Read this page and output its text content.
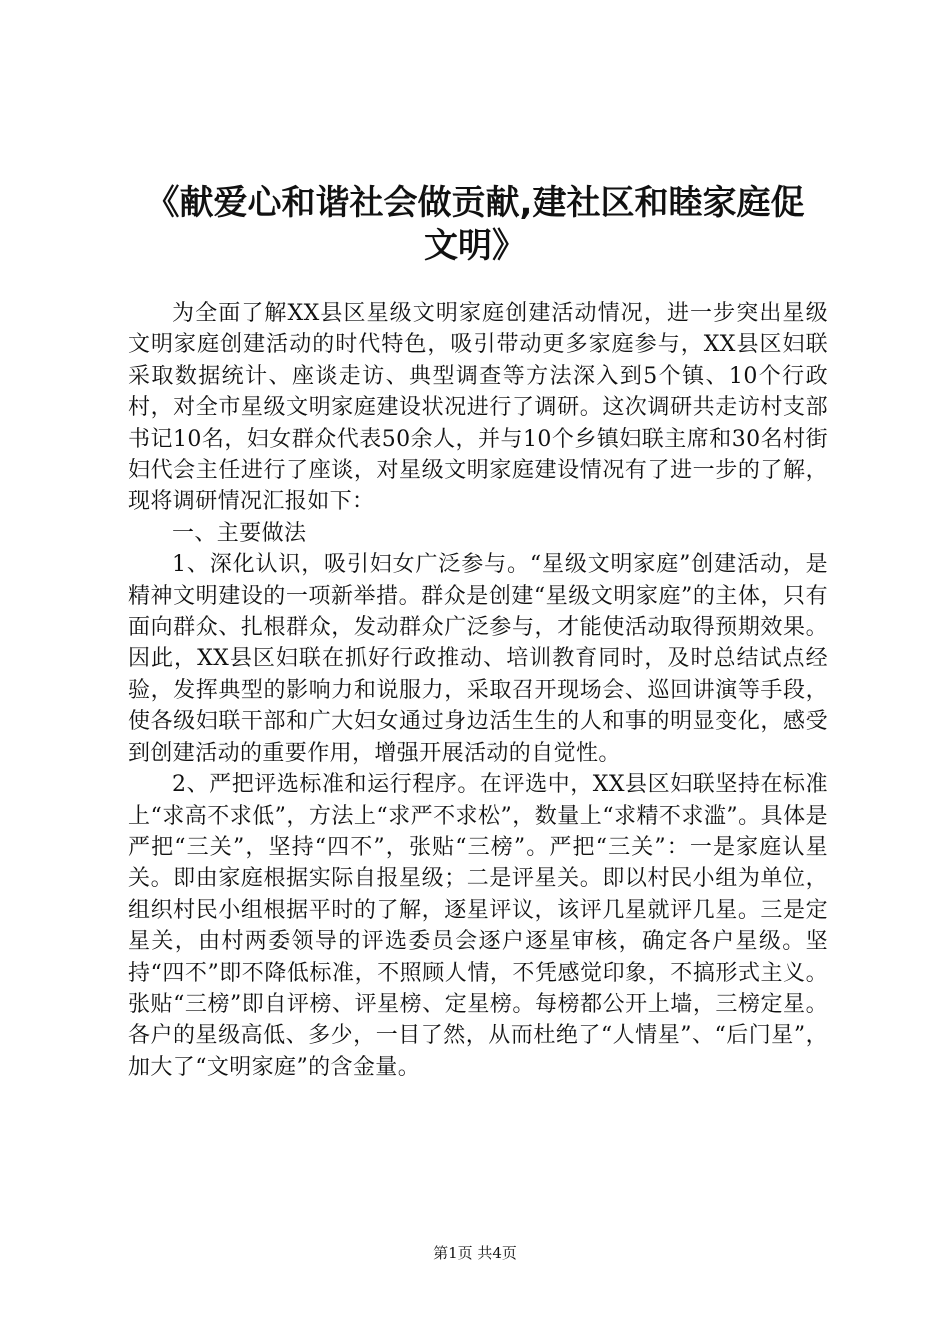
《献爱心和谐社会做贡献,建社区和睦家庭促
文明》

为全面了解XX县区星级文明家庭创建活动情况，进一步突出星级文明家庭创建活动的时代特色，吸引带动更多家庭参与，XX县区妇联采取数据统计、座谈走访、典型调查等方法深入到5个镇、10个行政村，对全市星级文明家庭建设状况进行了调研。这次调研共走访村支部书记10名，妇女群众代表50余人，并与10个乡镇妇联主席和30名村街妇代会主任进行了座谈，对星级文明家庭建设情况有了进一步的了解，现将调研情况汇报如下：

一、主要做法

1、深化认识，吸引妇女广泛参与。“星级文明家庭”创建活动，是精神文明建设的一项新举措。群众是创建“星级文明家庭”的主体，只有面向群众、扎根群众，发动群众广泛参与，才能使活动取得预期效果。因此，XX县区妇联在抓好行政推动、培训教育同时，及时总结试点经验，发挥典型的影响力和说服力，采取召开现场会、巡回讲演等手段，使各级妇联干部和广大妇女通过身边活生生的人和事的明显变化，感受到创建活动的重要作用，增强开展活动的自觉性。

2、严把评选标准和运行程序。在评选中，XX县区妇联坚持在标准上“求高不求低”，方法上“求严不求松”，数量上“求精不求滥”。具体是严把“三关”，坚持“四不”，张贴“三榜”。严把“三关”：一是家庭认星关。即由家庭根据实际自报星级；二是评星关。即以村民小组为单位，组织村民小组根据平时的了解，逐星评议，该评几星就评几星。三是定星关，由村两委领导的评选委员会逐户逐星审核，确定各户星级。坚持“四不”即不降低标准，不照顾人情，不凭感觉印象，不搞形式主义。张贴“三榜”即自评榜、评星榜、定星榜。每榜都公开上墙，三榜定星。各户的星级高低、多少，一目了然，从而杜绝了“人情星”、“后门星”，加大了“文明家庭”的含金量。

第1页 共4页
